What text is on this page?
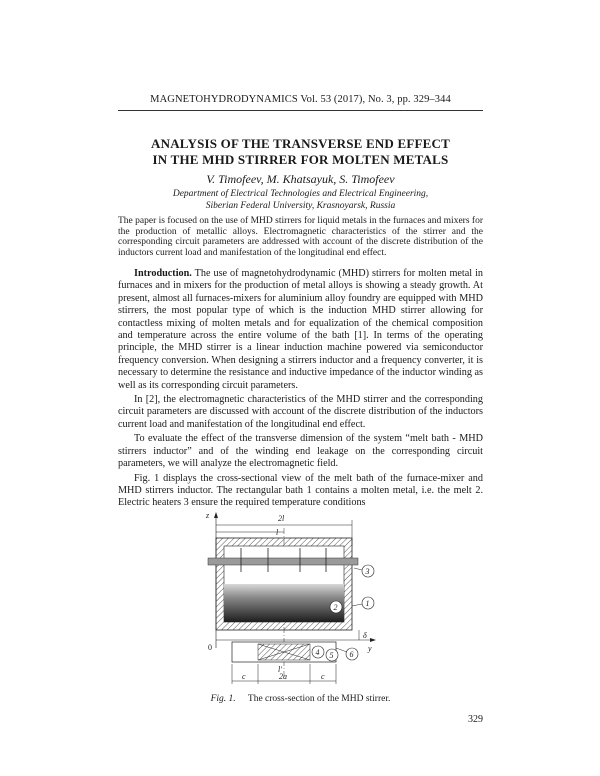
MAGNETOHYDRODYNAMICS Vol. 53 (2017), No. 3, pp. 329–344
ANALYSIS OF THE TRANSVERSE END EFFECT
IN THE MHD STIRRER FOR MOLTEN METALS
V. Timofeev, M. Khatsayuk, S. Timofeev
Department of Electrical Technologies and Electrical Engineering,
Siberian Federal University, Krasnoyarsk, Russia
The paper is focused on the use of MHD stirrers for liquid metals in the furnaces and mixers for the production of metallic alloys. Electromagnetic characteristics of the stirrer and the corresponding circuit parameters are addressed with account of the discrete distribution of the inductors current load and manifestation of the longitudinal end effect.

Introduction. The use of magnetohydrodynamic (MHD) stirrers for molten metal in furnaces and in mixers for the production of metal alloys is showing a steady growth. At present, almost all furnaces-mixers for aluminium alloy foundry are equipped with MHD stirrers, the most popular type of which is the induction MHD stirrer allowing for contactless mixing of molten metals and for equalization of the chemical composition and temperature across the entire volume of the bath [1]. In terms of the operating principle, the MHD stirrer is a linear induction machine powered via semiconductor frequency conversion. When designing a stirrers inductor and a frequency converter, it is necessary to determine the resistance and inductive impedance of the inductor winding as well as its corresponding circuit parameters.

In [2], the electromagnetic characteristics of the MHD stirrer and the corresponding circuit parameters are discussed with account of the discrete distribution of the inductors current load and manifestation of the longitudinal end effect.

To evaluate the effect of the transverse dimension of the system “melt bath - MHD stirrers inductor” and of the winding end leakage on the corresponding circuit parameters, we will analyze the electromagnetic field.

Fig. 1 displays the cross-sectional view of the melt bath of the furnace-mixer and MHD stirrers inductor. The rectangular bath 1 contains a molten metal, i.e. the melt 2. Electric heaters 3 ensure the required temperature conditions

z
y
0
2l
l
δ
l′
c	2a	c
3
1
2
4 5 6
Fig. 1. The cross-section of the MHD stirrer.
329
